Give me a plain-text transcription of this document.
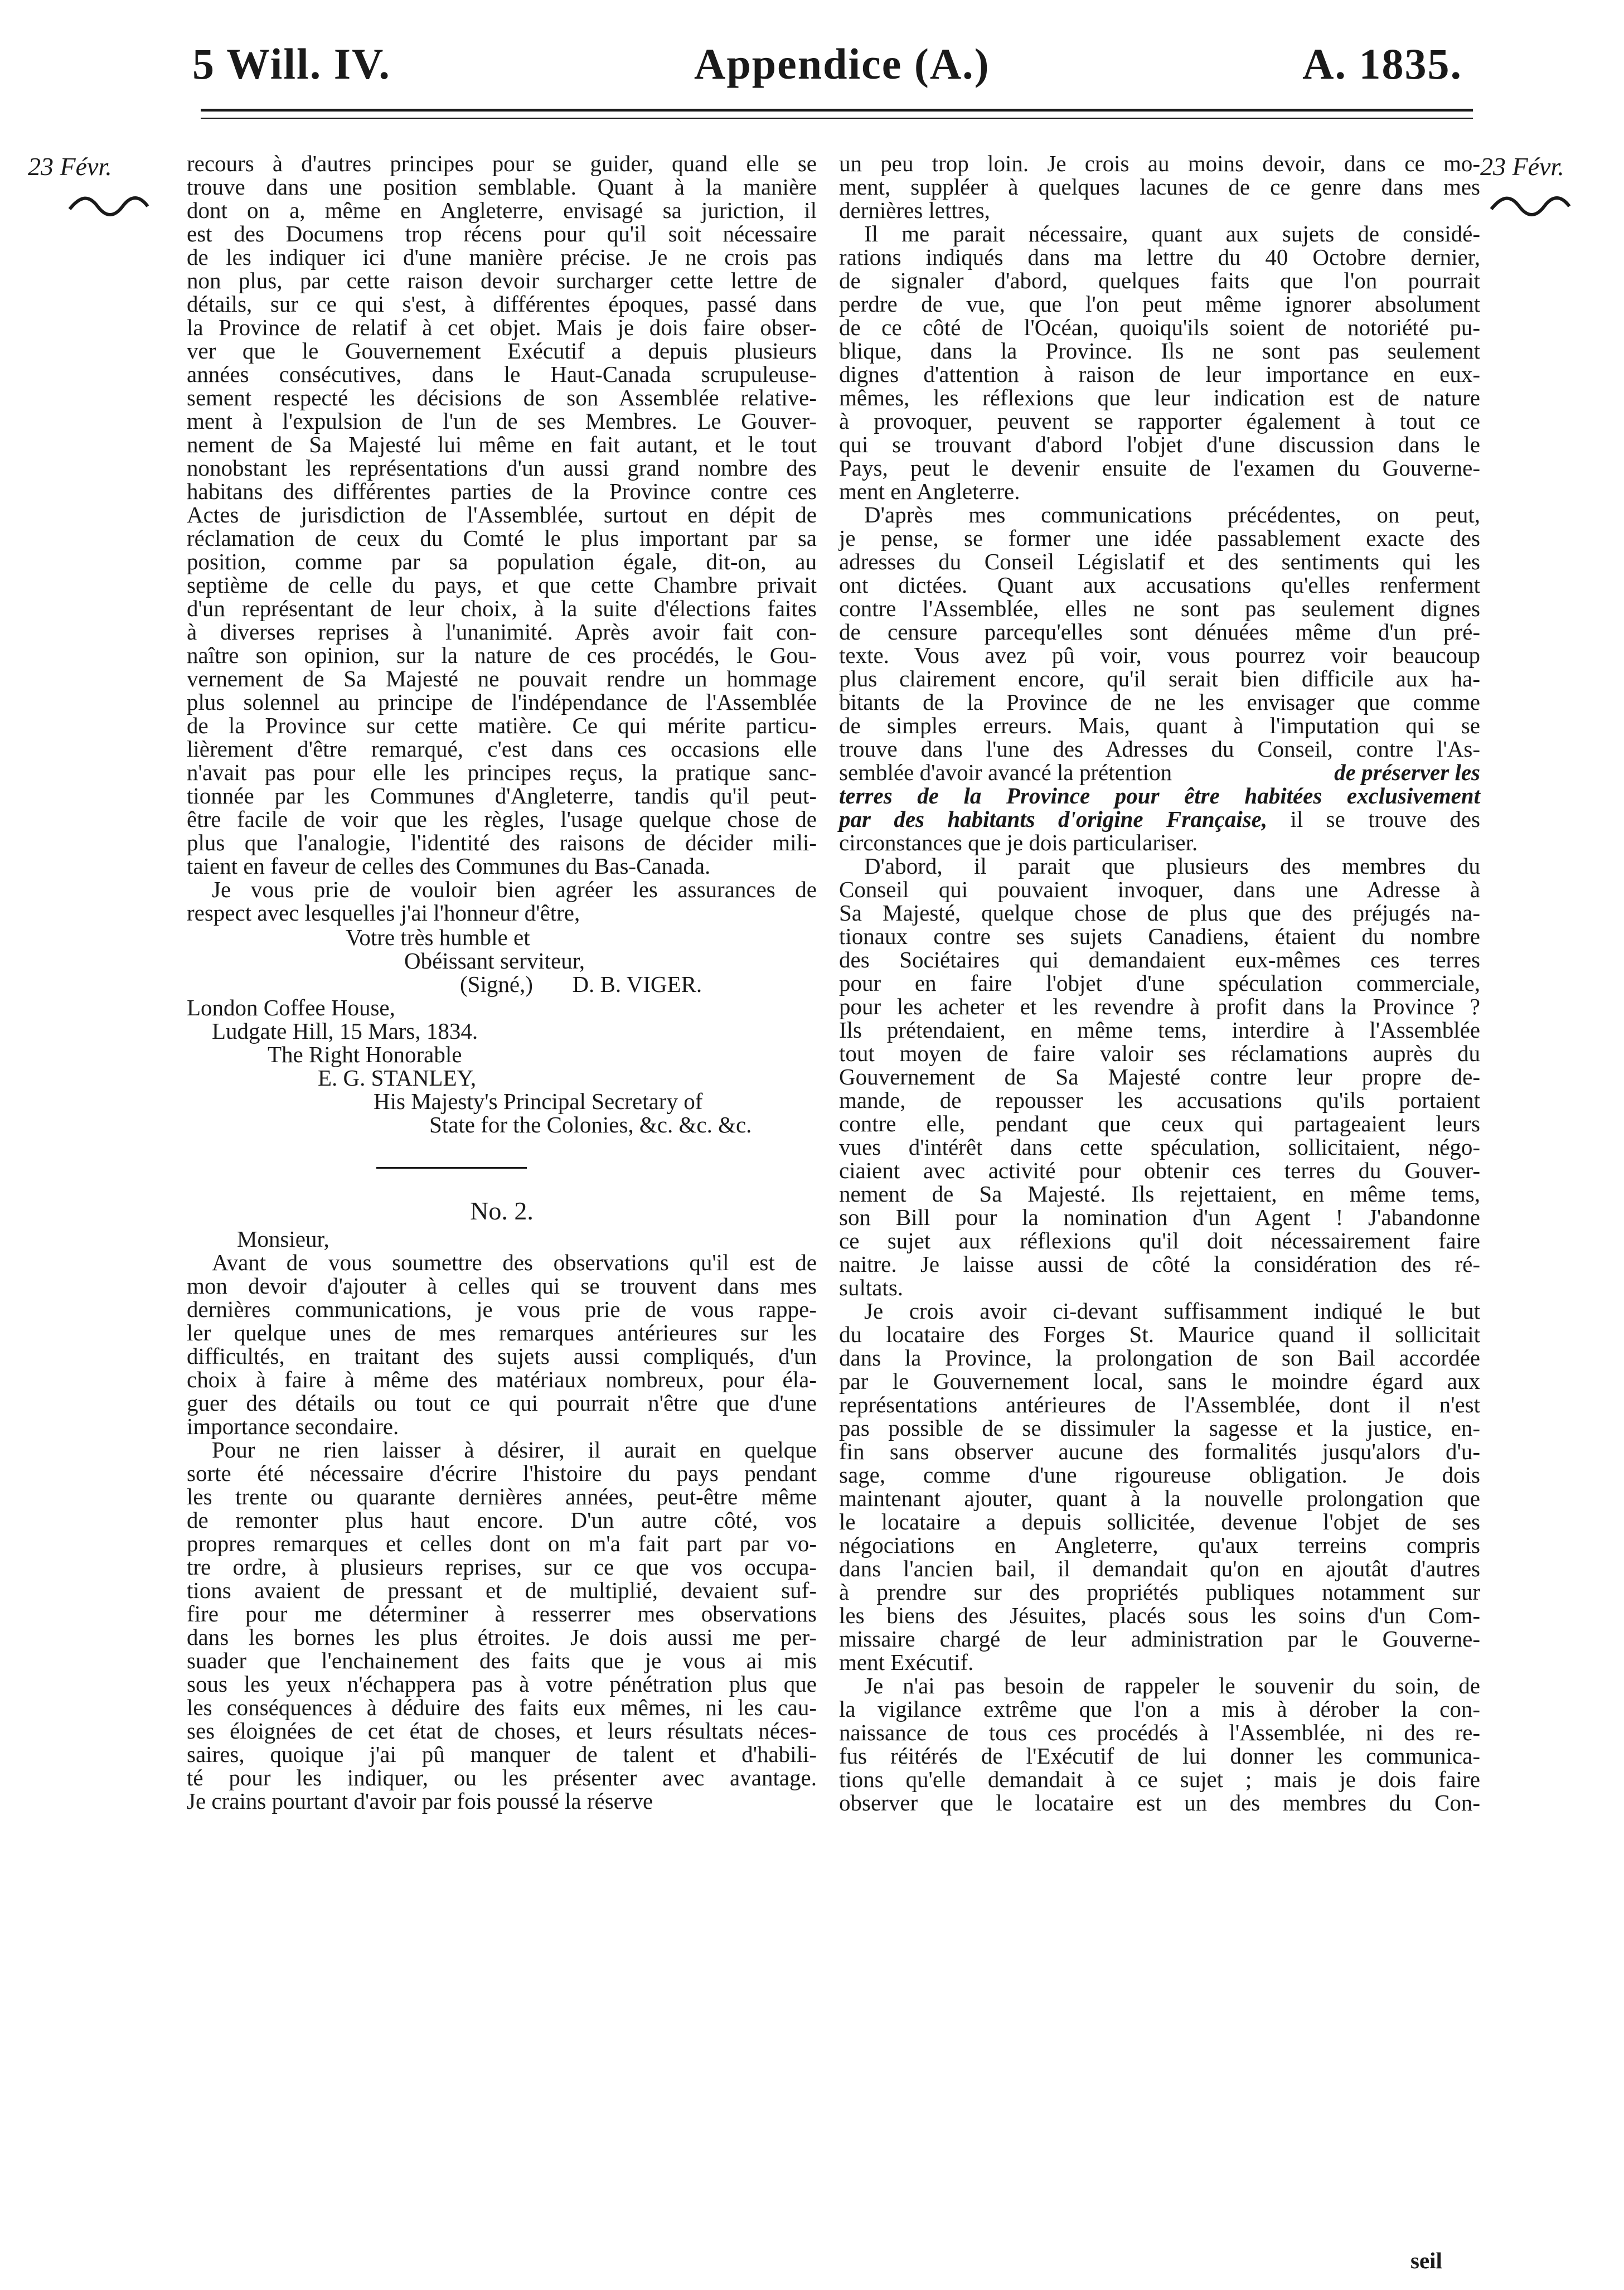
5 Will. IV.	Appendice (A.)	A. 1835.
23 Févr.	23 Févr.
recours à d'autres principes pour se guider, quand elle se
trouve dans une position semblable. Quant à la manière
dont on a, même en Angleterre, envisagé sa juriction, il
est des Documens trop récens pour qu'il soit nécessaire
de les indiquer ici d'une manière précise. Je ne crois pas
non plus, par cette raison devoir surcharger cette lettre de
détails, sur ce qui s'est, à différentes époques, passé dans
la Province de relatif à cet objet. Mais je dois faire obser-
ver que le Gouvernement Exécutif a depuis plusieurs
années consécutives, dans le Haut-Canada scrupuleuse-
sement respecté les décisions de son Assemblée relative-
ment à l'expulsion de l'un de ses Membres. Le Gouver-
nement de Sa Majesté lui même en fait autant, et le tout
nonobstant les représentations d'un aussi grand nombre des
habitans des différentes parties de la Province contre ces
Actes de jurisdiction de l'Assemblée, surtout en dépit de
réclamation de ceux du Comté le plus important par sa
position, comme par sa population égale, dit-on, au
septième de celle du pays, et que cette Chambre privait
d'un représentant de leur choix, à la suite d'élections faites
à diverses reprises à l'unanimité. Après avoir fait con-
naître son opinion, sur la nature de ces procédés, le Gou-
vernement de Sa Majesté ne pouvait rendre un hommage
plus solennel au principe de l'indépendance de l'Assemblée
de la Province sur cette matière. Ce qui mérite particu-
lièrement d'être remarqué, c'est dans ces occasions elle
n'avait pas pour elle les principes reçus, la pratique sanc-
tionnée par les Communes d'Angleterre, tandis qu'il peut-
être facile de voir que les règles, l'usage quelque chose de
plus que l'analogie, l'identité des raisons de décider mili-
taient en faveur de celles des Communes du Bas-Canada.
Je vous prie de vouloir bien agréer les assurances de
respect avec lesquelles j'ai l'honneur d'être,
Votre très humble et
Obéissant serviteur,
(Signé,) D. B. VIGER.
London Coffee House,
Ludgate Hill, 15 Mars, 1834.
The Right Honorable
E. G. STANLEY,
His Majesty's Principal Secretary of
State for the Colonies, &c. &c. &c.
No. 2.
Monsieur,
Avant de vous soumettre des observations qu'il est de
mon devoir d'ajouter à celles qui se trouvent dans mes
dernières communications, je vous prie de vous rappe-
ler quelque unes de mes remarques antérieures sur les
difficultés, en traitant des sujets aussi compliqués, d'un
choix à faire à même des matériaux nombreux, pour éla-
guer des détails ou tout ce qui pourrait n'être que d'une
importance secondaire.
Pour ne rien laisser à désirer, il aurait en quelque
sorte été nécessaire d'écrire l'histoire du pays pendant
les trente ou quarante dernières années, peut-être même
de remonter plus haut encore. D'un autre côté, vos
propres remarques et celles dont on m'a fait part par vo-
tre ordre, à plusieurs reprises, sur ce que vos occupa-
tions avaient de pressant et de multiplié, devaient suf-
fire pour me déterminer à resserrer mes observations
dans les bornes les plus étroites. Je dois aussi me per-
suader que l'enchainement des faits que je vous ai mis
sous les yeux n'échappera pas à votre pénétration plus que
les conséquences à déduire des faits eux mêmes, ni les cau-
ses éloignées de cet état de choses, et leurs résultats néces-
saires, quoique j'ai pû manquer de talent et d'habili-
té pour les indiquer, ou les présenter avec avantage.
Je crains pourtant d'avoir par fois poussé la réserve
un peu trop loin. Je crois au moins devoir, dans ce mo-
ment, suppléer à quelques lacunes de ce genre dans mes
dernières lettres,
Il me parait nécessaire, quant aux sujets de considé-
rations indiqués dans ma lettre du 40 Octobre dernier,
de signaler d'abord, quelques faits que l'on pourrait
perdre de vue, que l'on peut même ignorer absolument
de ce côté de l'Océan, quoiqu'ils soient de notoriété pu-
blique, dans la Province. Ils ne sont pas seulement
dignes d'attention à raison de leur importance en eux-
mêmes, les réflexions que leur indication est de nature
à provoquer, peuvent se rapporter également à tout ce
qui se trouvant d'abord l'objet d'une discussion dans le
Pays, peut le devenir ensuite de l'examen du Gouverne-
ment en Angleterre.
D'après mes communications précédentes, on peut,
je pense, se former une idée passablement exacte des
adresses du Conseil Législatif et des sentiments qui les
ont dictées. Quant aux accusations qu'elles renferment
contre l'Assemblée, elles ne sont pas seulement dignes
de censure parcequ'elles sont dénuées même d'un pré-
texte. Vous avez pû voir, vous pourrez voir beaucoup
plus clairement encore, qu'il serait bien difficile aux ha-
bitants de la Province de ne les envisager que comme
de simples erreurs. Mais, quant à l'imputation qui se
trouve dans l'une des Adresses du Conseil, contre l'As-
semblée d'avoir avancé la prétention	de préserver les
terres de la Province pour être habitées exclusivement
par des habitants d'origine Française, il se trouve des
circonstances que je dois particulariser.
D'abord, il parait que plusieurs des membres du
Conseil qui pouvaient invoquer, dans une Adresse à
Sa Majesté, quelque chose de plus que des préjugés na-
tionaux contre ses sujets Canadiens, étaient du nombre
des Sociétaires qui demandaient eux-mêmes ces terres
pour en faire l'objet d'une spéculation commerciale,
pour les acheter et les revendre à profit dans la Province ?
Ils prétendaient, en même tems, interdire à l'Assemblée
tout moyen de faire valoir ses réclamations auprès du
Gouvernement de Sa Majesté contre leur propre de-
mande, de repousser les accusations qu'ils portaient
contre elle, pendant que ceux qui partageaient leurs
vues d'intérêt dans cette spéculation, sollicitaient, négo-
ciaient avec activité pour obtenir ces terres du Gouver-
nement de Sa Majesté. Ils rejettaient, en même tems,
son Bill pour la nomination d'un Agent ! J'abandonne
ce sujet aux réflexions qu'il doit nécessairement faire
naitre. Je laisse aussi de côté la considération des ré-
sultats.
Je crois avoir ci-devant suffisamment indiqué le but
du locataire des Forges St. Maurice quand il sollicitait
dans la Province, la prolongation de son Bail accordée
par le Gouvernement local, sans le moindre égard aux
représentations antérieures de l'Assemblée, dont il n'est
pas possible de se dissimuler la sagesse et la justice, en-
fin sans observer aucune des formalités jusqu'alors d'u-
sage, comme d'une rigoureuse obligation. Je dois
maintenant ajouter, quant à la nouvelle prolongation que
le locataire a depuis sollicitée, devenue l'objet de ses
négociations en Angleterre, qu'aux terreins compris
dans l'ancien bail, il demandait qu'on en ajoutât d'autres
à prendre sur des propriétés publiques notamment sur
les biens des Jésuites, placés sous les soins d'un Com-
missaire chargé de leur administration par le Gouverne-
ment Exécutif.
Je n'ai pas besoin de rappeler le souvenir du soin, de
la vigilance extrême que l'on a mis à dérober la con-
naissance de tous ces procédés à l'Assemblée, ni des re-
fus réitérés de l'Exécutif de lui donner les communica-
tions qu'elle demandait à ce sujet ; mais je dois faire
observer que le locataire est un des membres du Con-
seil
